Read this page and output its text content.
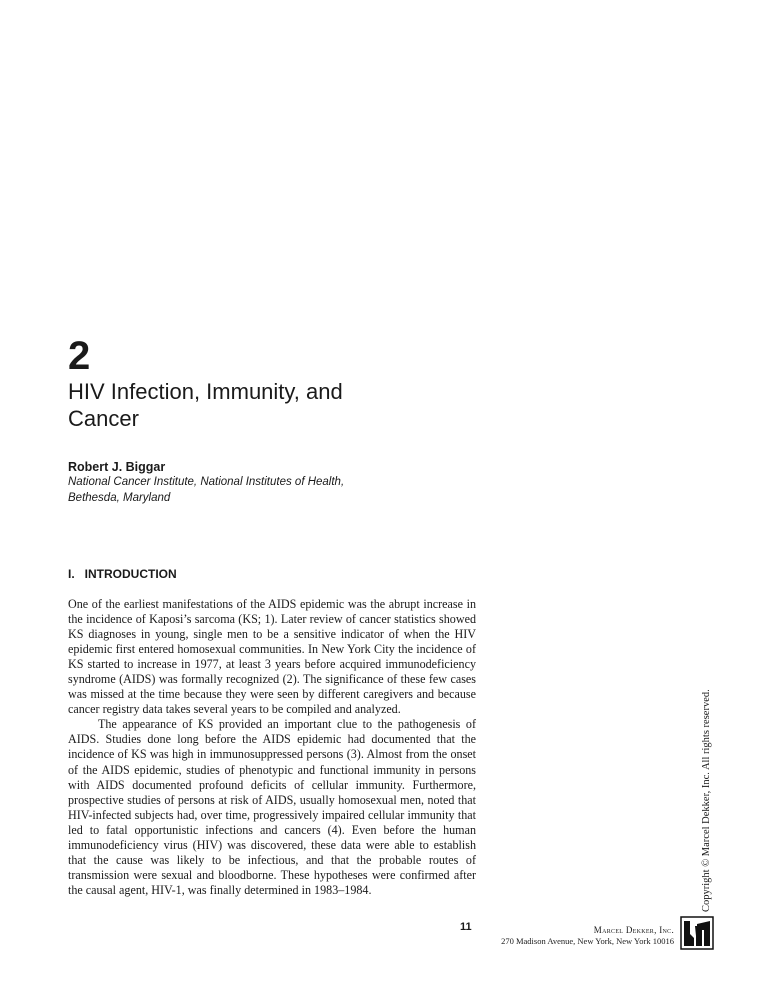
2
HIV Infection, Immunity, and Cancer
Robert J. Biggar
National Cancer Institute, National Institutes of Health,
Bethesda, Maryland
I. INTRODUCTION

One of the earliest manifestations of the AIDS epidemic was the abrupt increase in the incidence of Kaposi’s sarcoma (KS; 1). Later review of cancer statistics showed KS diagnoses in young, single men to be a sensitive indicator of when the HIV epidemic first entered homosexual communities. In New York City the incidence of KS started to increase in 1977, at least 3 years before acquired immunodeficiency syndrome (AIDS) was formally recognized (2). The significance of these few cases was missed at the time because they were seen by different caregivers and because cancer registry data takes several years to be compiled and analyzed.

The appearance of KS provided an important clue to the pathogenesis of AIDS. Studies done long before the AIDS epidemic had documented that the incidence of KS was high in immunosuppressed persons (3). Almost from the onset of the AIDS epidemic, studies of phenotypic and functional immunity in persons with AIDS documented profound deficits of cellular immunity. Furthermore, prospective studies of persons at risk of AIDS, usually homosexual men, noted that HIV-infected subjects had, over time, progressively impaired cellular immunity that led to fatal opportunistic infections and cancers (4). Even before the human immunodeficiency virus (HIV) was discovered, these data were able to establish that the cause was likely to be infectious, and that the probable routes of transmission were sexual and bloodborne. These hypotheses were confirmed after the causal agent, HIV-1, was finally determined in 1983–1984.

11	Marcel Dekker, Inc.
270 Madison Avenue, New York, New York 10016
Copyright © Marcel Dekker, Inc. All rights reserved.
